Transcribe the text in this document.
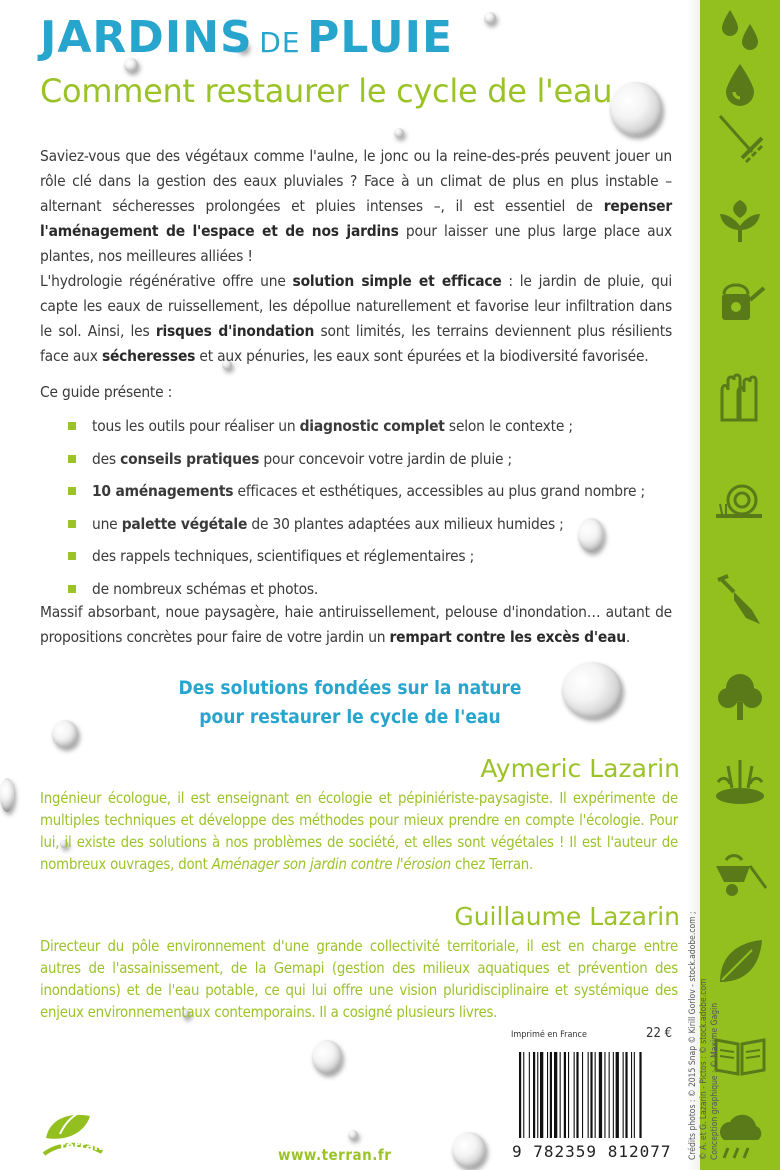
JARDINS DE PLUIE
Comment restaurer le cycle de l'eau
Saviez-vous que des végétaux comme l'aulne, le jonc ou la reine-des-prés peuvent jouer un rôle clé dans la gestion des eaux pluviales ? Face à un climat de plus en plus instable – alternant sécheresses prolongées et pluies intenses –, il est essentiel de repenser l'aménagement de l'espace et de nos jardins pour laisser une plus large place aux plantes, nos meilleures alliées !
L'hydrologie régénérative offre une solution simple et efficace : le jardin de pluie, qui capte les eaux de ruissellement, les dépollue naturellement et favorise leur infiltration dans le sol. Ainsi, les risques d'inondation sont limités, les terrains deviennent plus résilients face aux sécheresses et aux pénuries, les eaux sont épurées et la biodiversité favorisée.
Ce guide présente :
tous les outils pour réaliser un diagnostic complet selon le contexte ;
des conseils pratiques pour concevoir votre jardin de pluie ;
10 aménagements efficaces et esthétiques, accessibles au plus grand nombre ;
une palette végétale de 30 plantes adaptées aux milieux humides ;
des rappels techniques, scientifiques et réglementaires ;
de nombreux schémas et photos.
Massif absorbant, noue paysagère, haie antiruissellement, pelouse d'inondation… autant de propositions concrètes pour faire de votre jardin un rempart contre les excès d'eau.
Des solutions fondées sur la nature
pour restaurer le cycle de l'eau
Aymeric Lazarin
Ingénieur écologue, il est enseignant en écologie et pépiniériste-paysagiste. Il expérimente de multiples techniques et développe des méthodes pour mieux prendre en compte l'écologie. Pour lui, il existe des solutions à nos problèmes de société, et elles sont végétales ! Il est l'auteur de nombreux ouvrages, dont Aménager son jardin contre l'érosion chez Terran.
Guillaume Lazarin
Directeur du pôle environnement d'une grande collectivité territoriale, il est en charge entre autres de l'assainissement, de la Gemapi (gestion des milieux aquatiques et prévention des inondations) et de l'eau potable, ce qui lui offre une vision pluridisciplinaire et systémique des enjeux environnementaux contemporains. Il a cosigné plusieurs livres.	Crédits photos : © 2015 Snap © Kirill Gorlov - stock.adobe.com ; © A. et G. Lazarin - Pictos : © stock.adobe.com Conception graphique : © Maxime Gagin
Imprimé en France	22 €
9 782359 812077
terran	www.terran.fr
